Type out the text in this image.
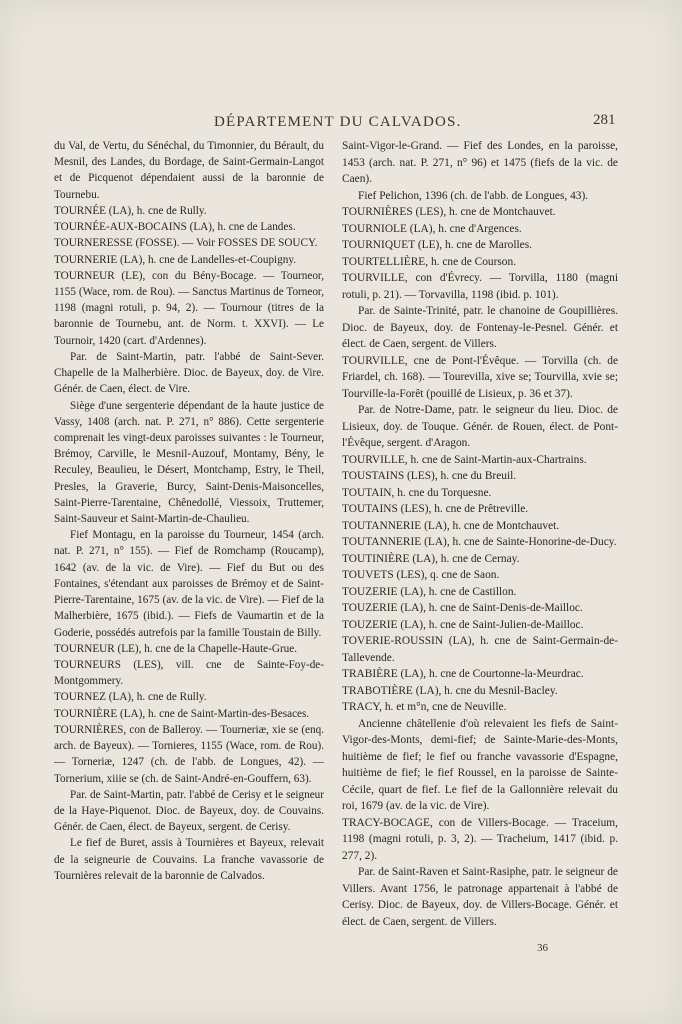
DÉPARTEMENT DU CALVADOS.	281

du Val, de Vertu, du Sénéchal, du Timonnier, du Bérault, du Mesnil, des Landes, du Bordage, de Saint-Germain-Langot et de Picquenot dépendaient aussi de la baronnie de Tournebu.

TOURNÉE (LA), h. cne de Rully.

TOURNÉE-AUX-BOCAINS (LA), h. cne de Landes.

TOURNERESSE (FOSSE). — Voir FOSSES DE SOUCY.

TOURNERIE (LA), h. cne de Landelles-et-Coupigny.

TOURNEUR (LE), con du Bény-Bocage. — Tourneor, 1155 (Wace, rom. de Rou). — Sanctus Martinus de Torneor, 1198 (magni rotuli, p. 94, 2). — Tournour (titres de la baronnie de Tournebu, ant. de Norm. t. XXVI). — Le Tournoir, 1420 (cart. d'Ardennes).

Par. de Saint-Martin, patr. l'abbé de Saint-Sever. Chapelle de la Malherbière. Dioc. de Bayeux, doy. de Vire. Génér. de Caen, élect. de Vire.

Siège d'une sergenterie dépendant de la haute justice de Vassy, 1408 (arch. nat. P. 271, n° 886). Cette sergenterie comprenait les vingt-deux paroisses suivantes : le Tourneur, Brémoy, Carville, le Mesnil-Auzouf, Montamy, Bény, le Reculey, Beaulieu, le Désert, Montchamp, Estry, le Theil, Presles, la Graverie, Burcy, Saint-Denis-Maisoncelles, Saint-Pierre-Tarentaine, Chênedollé, Viessoix, Truttemer, Saint-Sauveur et Saint-Martin-de-Chaulieu.

Fief Montagu, en la paroisse du Tourneur, 1454 (arch. nat. P. 271, n° 155). — Fief de Romchamp (Roucamp), 1642 (av. de la vic. de Vire). — Fief du But ou des Fontaines, s'étendant aux paroisses de Brémoy et de Saint-Pierre-Tarentaine, 1675 (av. de la vic. de Vire). — Fief de la Malherbière, 1675 (ibid.). — Fiefs de Vaumartin et de la Goderie, possédés autrefois par la famille Toustain de Billy.

TOURNEUR (LE), h. cne de la Chapelle-Haute-Grue.

TOURNEURS (LES), vill. cne de Sainte-Foy-de-Montgommery.

TOURNEZ (LA), h. cne de Rully.

TOURNIÈRE (LA), h. cne de Saint-Martin-des-Besaces.

TOURNIÈRES, con de Balleroy. — Tourneriæ, xie se (enq. arch. de Bayeux). — Tornieres, 1155 (Wace, rom. de Rou). — Torneriæ, 1247 (ch. de l'abb. de Longues, 42). — Tornerium, xiiie se (ch. de Saint-André-en-Gouffern, 63).

Par. de Saint-Martin, patr. l'abbé de Cerisy et le seigneur de la Haye-Piquenot. Dioc. de Bayeux, doy. de Couvains. Génér. de Caen, élect. de Bayeux, sergent. de Cerisy.

Le fief de Buret, assis à Tournières et Bayeux, relevait de la seigneurie de Couvains. La franche vavassorie de Tournières relevait de la baronnie de Calvados.

Saint-Vigor-le-Grand. — Fief des Londes, en la paroisse, 1453 (arch. nat. P. 271, n° 96) et 1475 (fiefs de la vic. de Caen).

Fief Pelichon, 1396 (ch. de l'abb. de Longues, 43).

TOURNIÈRES (LES), h. cne de Montchauvet.

TOURNIOLE (LA), h. cne d'Argences.

TOURNIQUET (LE), h. cne de Marolles.

TOURTELLIÈRE, h. cne de Courson.

TOURVILLE, con d'Évrecy. — Torvilla, 1180 (magni rotuli, p. 21). — Torvavilla, 1198 (ibid. p. 101).

Par. de Sainte-Trinité, patr. le chanoine de Goupillières. Dioc. de Bayeux, doy. de Fontenay-le-Pesnel. Génér. et élect. de Caen, sergent. de Villers.

TOURVILLE, cne de Pont-l'Évêque. — Torvilla (ch. de Friardel, ch. 168). — Tourevilla, xive se; Tourvilla, xvie se; Tourville-la-Forêt (pouillé de Lisieux, p. 36 et 37).

Par. de Notre-Dame, patr. le seigneur du lieu. Dioc. de Lisieux, doy. de Touque. Génér. de Rouen, élect. de Pont-l'Évêque, sergent. d'Aragon.

TOURVILLE, h. cne de Saint-Martin-aux-Chartrains.

TOUSTAINS (LES), h. cne du Breuil.

TOUTAIN, h. cne du Torquesne.

TOUTAINS (LES), h. cne de Prêtreville.

TOUTANNERIE (LA), h. cne de Montchauvet.

TOUTANNERIE (LA), h. cne de Sainte-Honorine-de-Ducy.

TOUTINIÈRE (LA), h. cne de Cernay.

TOUVETS (LES), q. cne de Saon.

TOUZERIE (LA), h. cne de Castillon.

TOUZERIE (LA), h. cne de Saint-Denis-de-Mailloc.

TOUZERIE (LA), h. cne de Saint-Julien-de-Mailloc.

TOVERIE-ROUSSIN (LA), h. cne de Saint-Germain-de-Tallevende.

TRABIÈRE (LA), h. cne de Courtonne-la-Meurdrac.

TRABOTIÈRE (LA), h. cne du Mesnil-Bacley.

TRACY, h. et m°n, cne de Neuville.

Ancienne châtellenie d'où relevaient les fiefs de Saint-Vigor-des-Monts, demi-fief; de Sainte-Marie-des-Monts, huitième de fief; le fief ou franche vavassorie d'Espagne, huitième de fief; le fief Roussel, en la paroisse de Sainte-Cécile, quart de fief. Le fief de la Gallonnière relevait du roi, 1679 (av. de la vic. de Vire).

TRACY-BOCAGE, con de Villers-Bocage. — Traceium, 1198 (magni rotuli, p. 3, 2). — Tracheium, 1417 (ibid. p. 277, 2).

Par. de Saint-Raven et Saint-Rasiphe, patr. le seigneur de Villers. Avant 1756, le patronage appartenait à l'abbé de Cerisy. Dioc. de Bayeux, doy. de Villers-Bocage. Génér. et élect. de Caen, sergent. de Villers.

36
